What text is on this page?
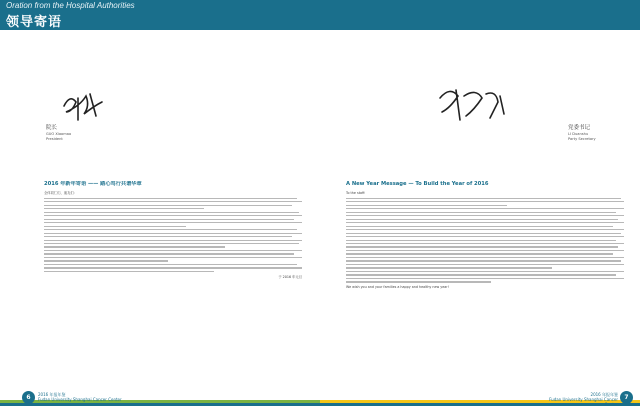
Oration from the Hospital Authorities
领导寄语
院长
GUO Xiaomao
President
党委书记
LI Duanshu
Party Secretary
2016 年新年寄语 —— 踏心笃行共谱华章

全体同仁们、朋友们：

于 2016 年元旦

A New Year Message — To Build the Year of 2016

To the staff:

We wish you and your families a happy and healthy new year!

6	2016 年报年鉴
Fudan University Shanghai Cancer Center
2016 年报年鉴
Fudan University Shanghai Cancer Center
7
